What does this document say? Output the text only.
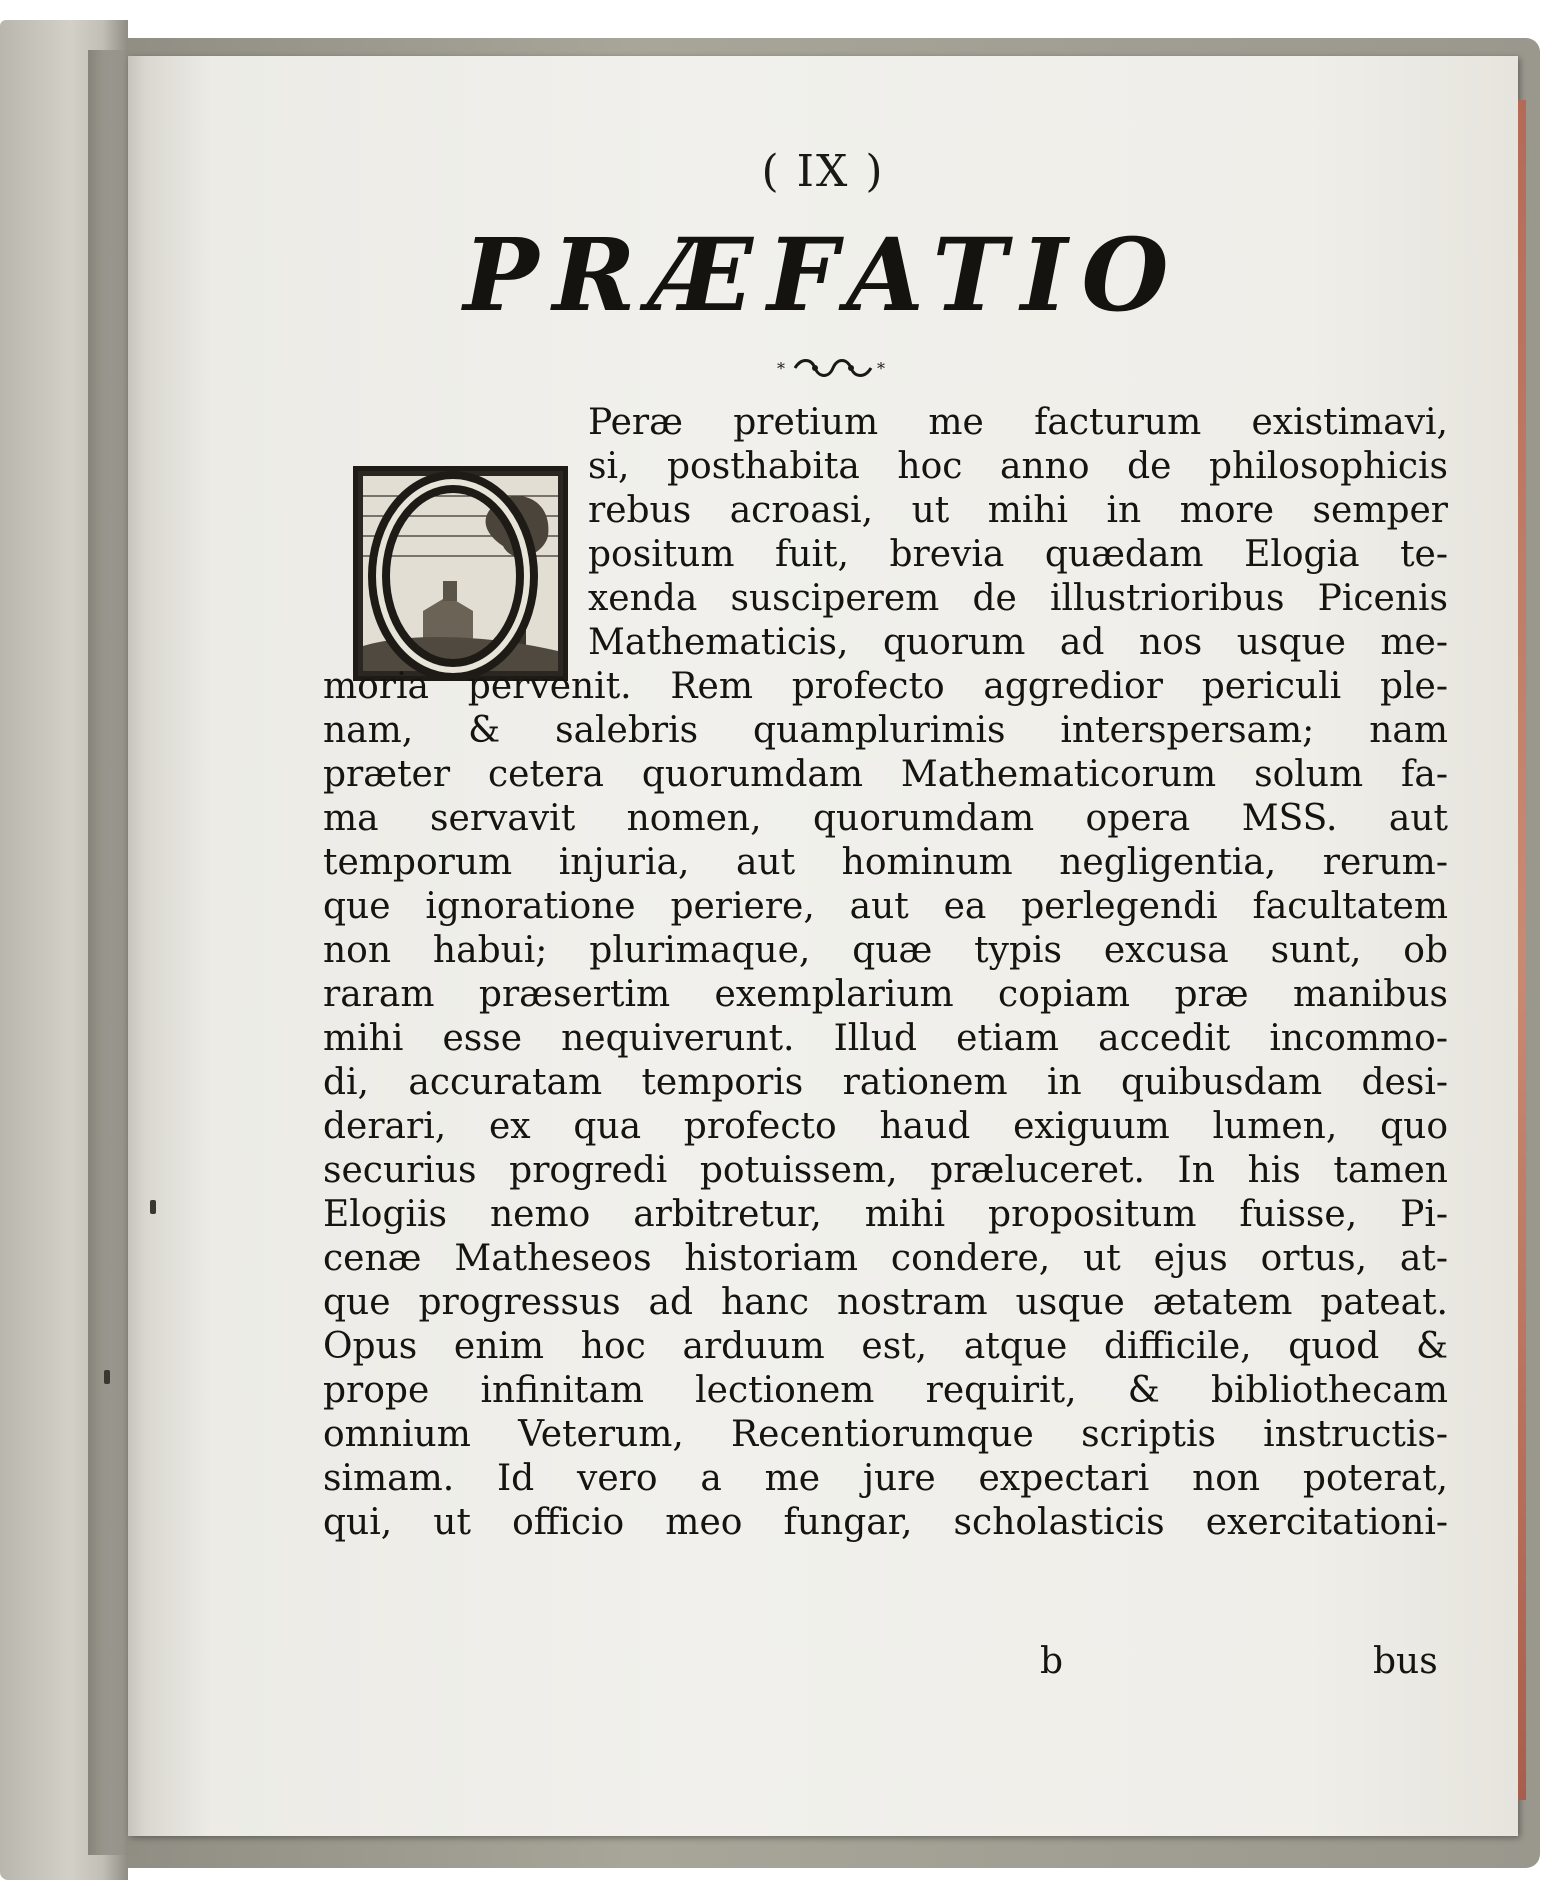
( IX )
PRÆFATIO
*	*
Peræ pretium me facturum existimavi,
si, posthabita hoc anno de philosophicis
rebus acroasi, ut mihi in more semper
positum fuit, brevia quædam Elogia te-
xenda susciperem de illustrioribus Picenis
Mathematicis, quorum ad nos usque me-
moria pervenit. Rem profecto aggredior periculi ple-
nam, & salebris quamplurimis interspersam; nam
præter cetera quorumdam Mathematicorum solum fa-
ma servavit nomen, quorumdam opera MSS. aut
temporum injuria, aut hominum negligentia, rerum-
que ignoratione periere, aut ea perlegendi facultatem
non habui; plurimaque, quæ typis excusa sunt, ob
raram præsertim exemplarium copiam præ manibus
mihi esse nequiverunt. Illud etiam accedit incommo-
di, accuratam temporis rationem in quibusdam desi-
derari, ex qua profecto haud exiguum lumen, quo
securius progredi potuissem, præluceret. In his tamen
Elogiis nemo arbitretur, mihi propositum fuisse, Pi-
cenæ Matheseos historiam condere, ut ejus ortus, at-
que progressus ad hanc nostram usque ætatem pateat.
Opus enim hoc arduum est, atque difficile, quod &
prope infinitam lectionem requirit, & bibliothecam
omnium Veterum, Recentiorumque scriptis instructis-
simam. Id vero a me jure expectari non poterat,
qui, ut officio meo fungar, scholasticis exercitationi-
b	bus
